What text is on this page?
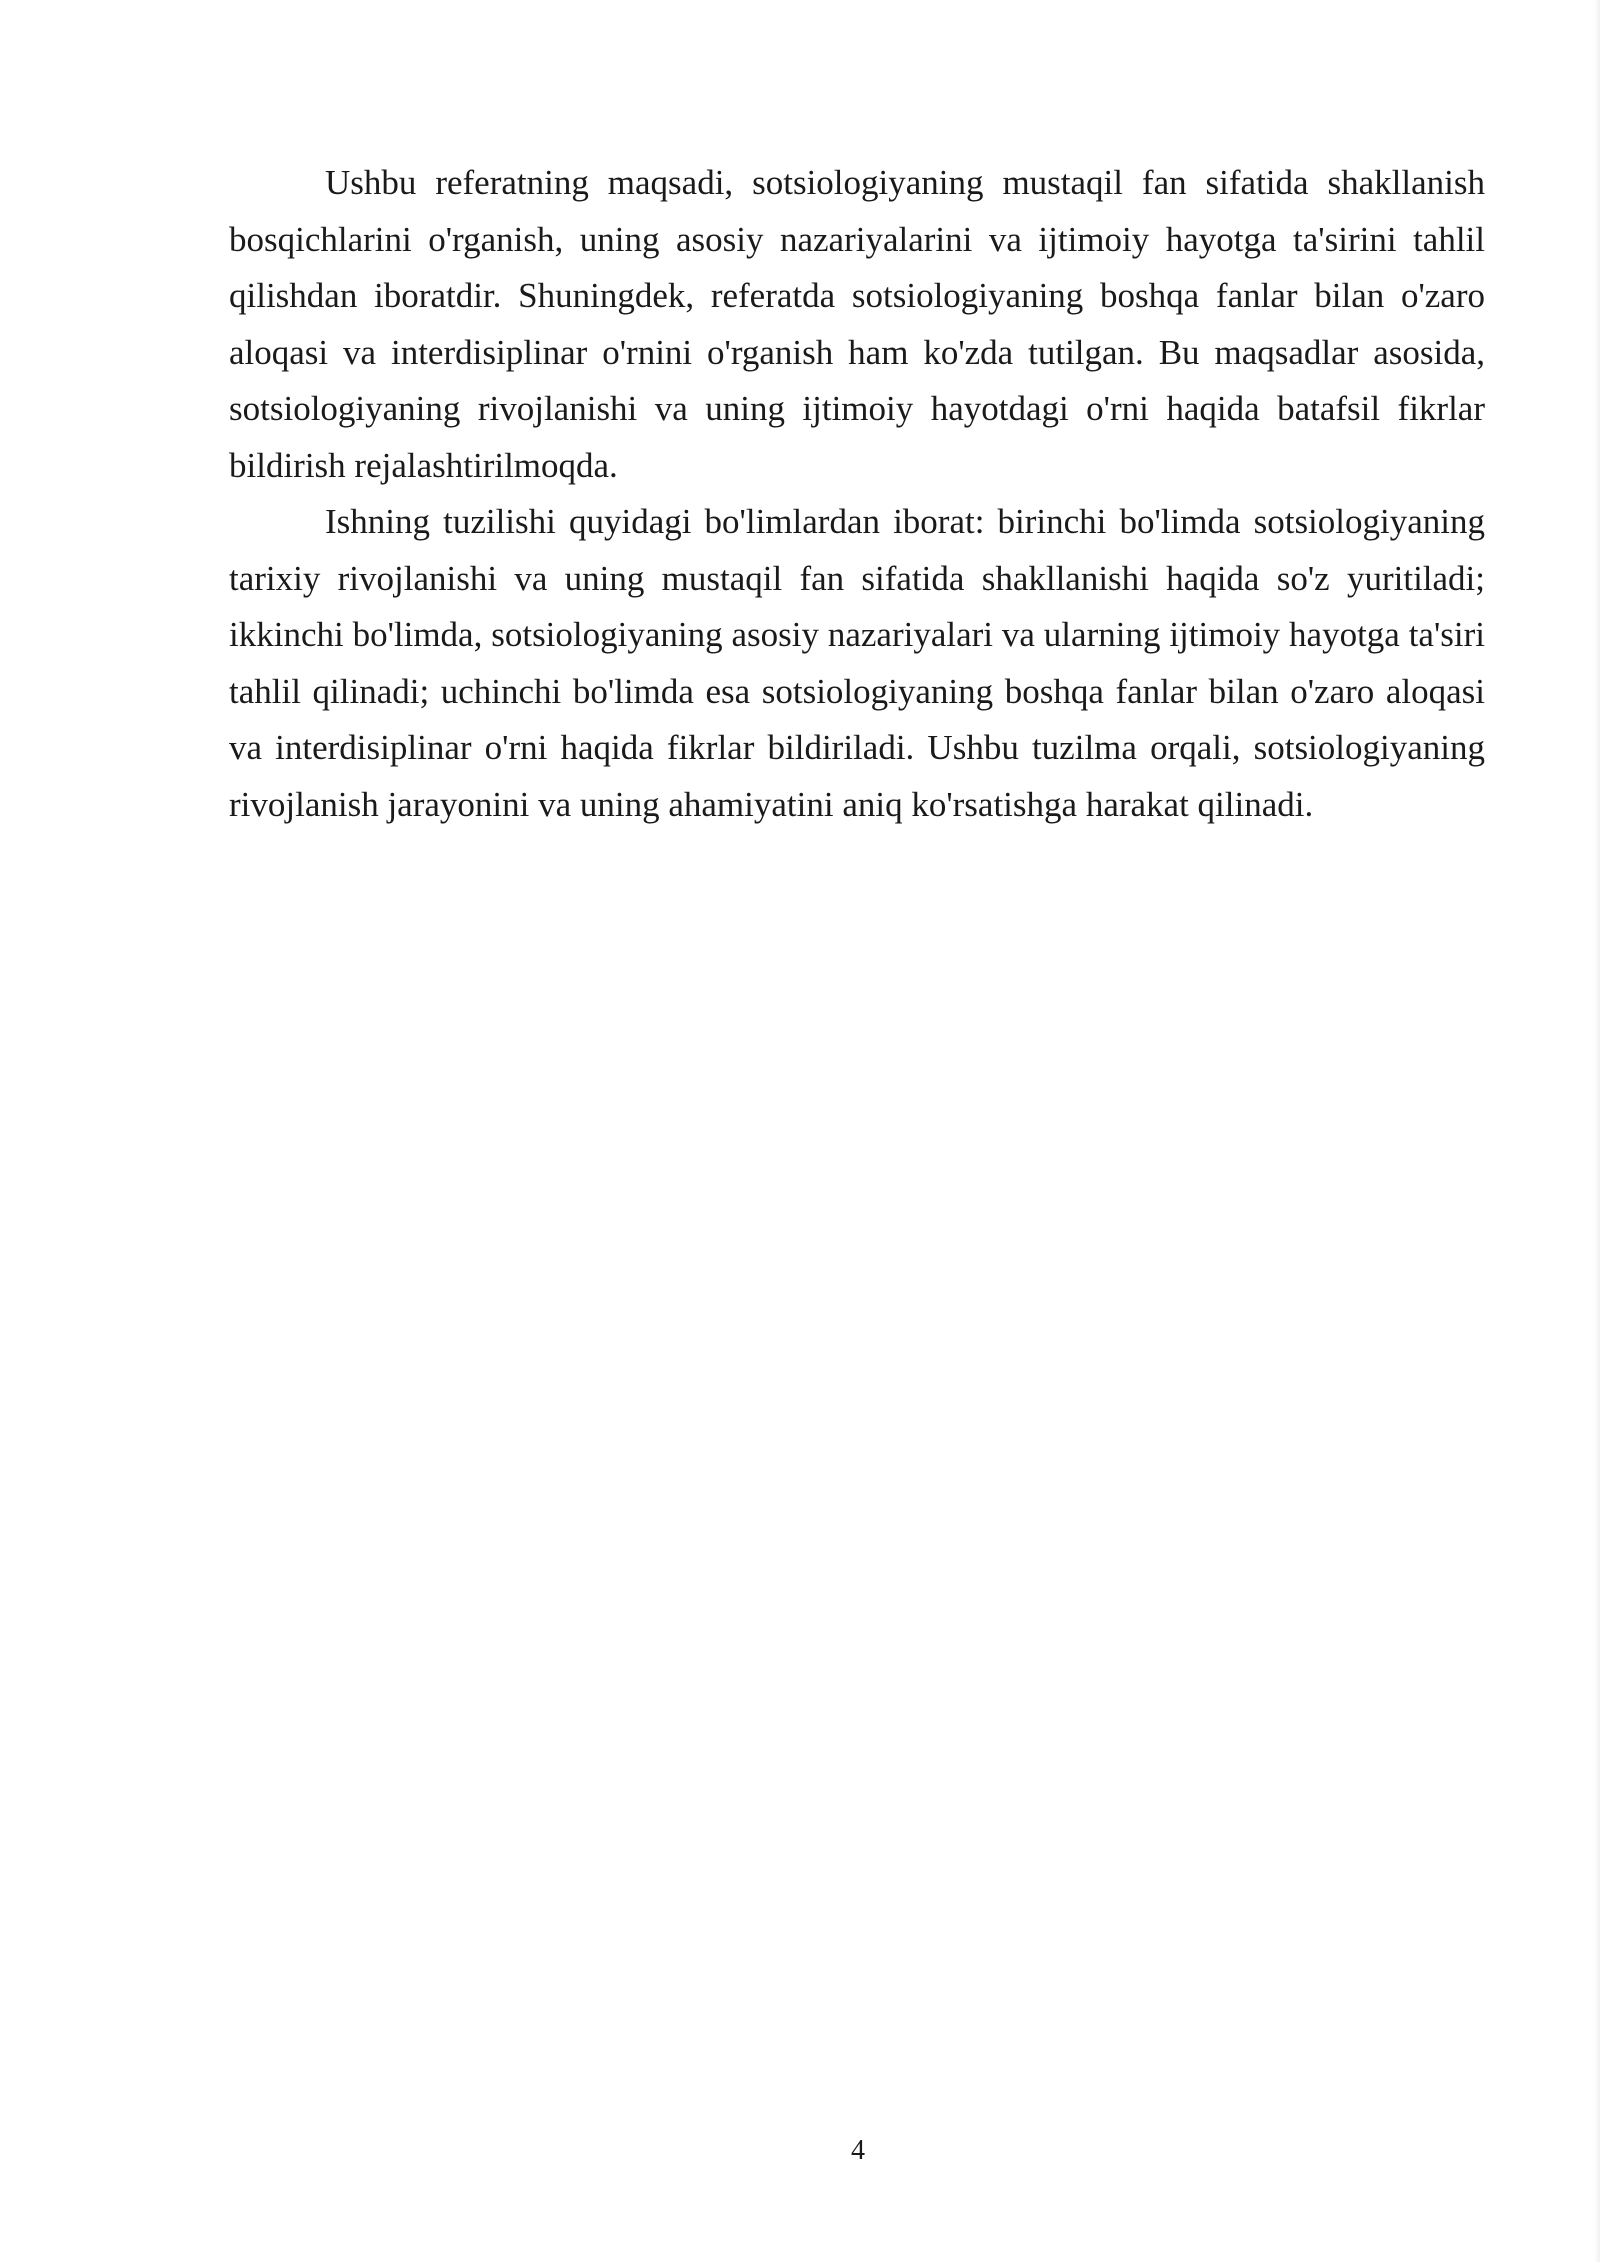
Ushbu referatning maqsadi, sotsiologiyaning mustaqil fan sifatida shakllanish bosqichlarini o'rganish, uning asosiy nazariyalarini va ijtimoiy hayotga ta'sirini tahlil qilishdan iboratdir. Shuningdek, referatda sotsiologiyaning boshqa fanlar bilan o'zaro aloqasi va interdisiplinar o'rnini o'rganish ham ko'zda tutilgan. Bu maqsadlar asosida, sotsiologiyaning rivojlanishi va uning ijtimoiy hayotdagi o'rni haqida batafsil fikrlar bildirish rejalashtirilmoqda.

Ishning tuzilishi quyidagi bo'limlardan iborat: birinchi bo'limda sotsiologiyaning tarixiy rivojlanishi va uning mustaqil fan sifatida shakllanishi haqida so'z yuritiladi; ikkinchi bo'limda, sotsiologiyaning asosiy nazariyalari va ularning ijtimoiy hayotga ta'siri tahlil qilinadi; uchinchi bo'limda esa sotsiologiyaning boshqa fanlar bilan o'zaro aloqasi va interdisiplinar o'rni haqida fikrlar bildiriladi. Ushbu tuzilma orqali, sotsiologiyaning rivojlanish jarayonini va uning ahamiyatini aniq ko'rsatishga harakat qilinadi.

4
